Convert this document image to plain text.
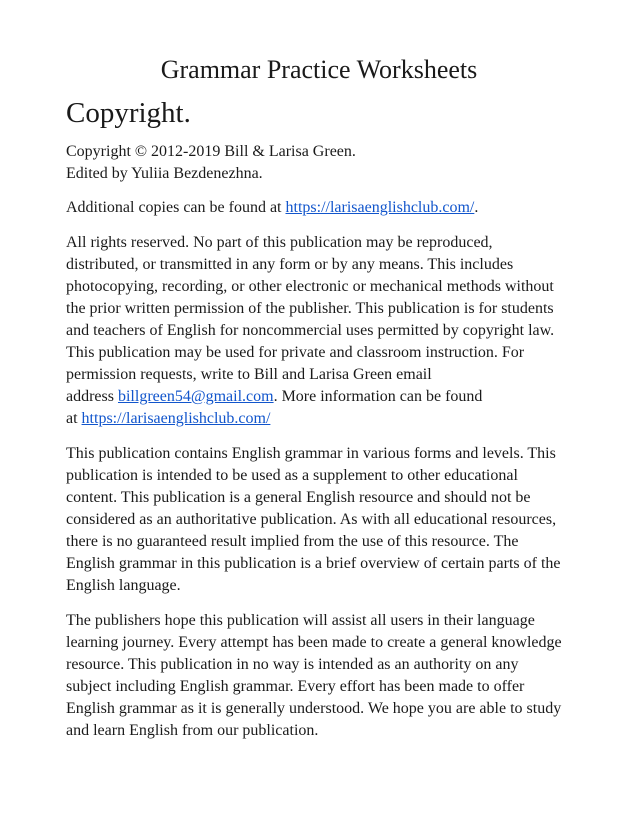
Grammar Practice Worksheets
Copyright.
Copyright © 2012-2019 Bill & Larisa Green.
Edited by Yuliia Bezdenezhna.
Additional copies can be found at https://larisaenglishclub.com/.
All rights reserved. No part of this publication may be reproduced,
distributed, or transmitted in any form or by any means. This includes
photocopying, recording, or other electronic or mechanical methods without
the prior written permission of the publisher. This publication is for students
and teachers of English for noncommercial uses permitted by copyright law.
This publication may be used for private and classroom instruction. For
permission requests, write to Bill and Larisa Green email
address billgreen54@gmail.com. More information can be found
at https://larisaenglishclub.com/
This publication contains English grammar in various forms and levels. This
publication is intended to be used as a supplement to other educational
content. This publication is a general English resource and should not be
considered as an authoritative publication. As with all educational resources,
there is no guaranteed result implied from the use of this resource. The
English grammar in this publication is a brief overview of certain parts of the
English language.
The publishers hope this publication will assist all users in their language
learning journey. Every attempt has been made to create a general knowledge
resource. This publication in no way is intended as an authority on any
subject including English grammar. Every effort has been made to offer
English grammar as it is generally understood. We hope you are able to study
and learn English from our publication.
